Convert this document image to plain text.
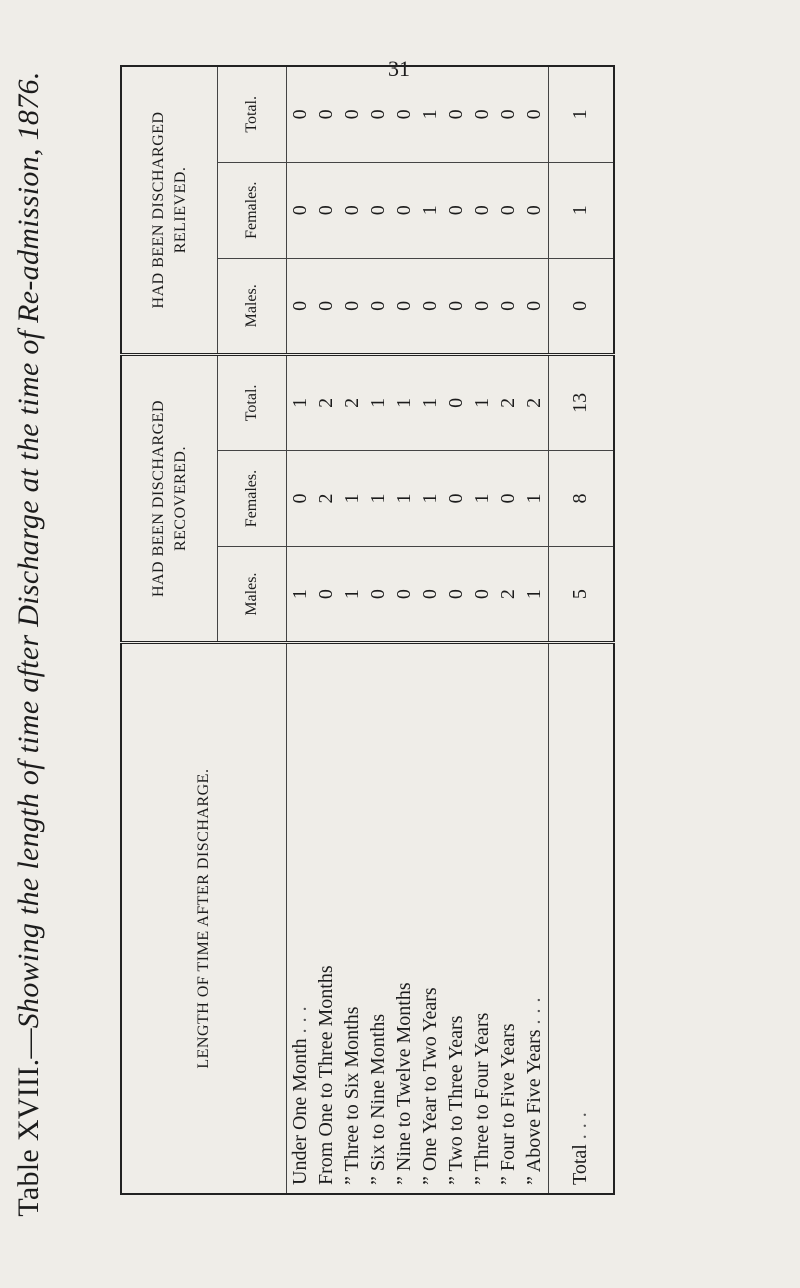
31
Table XVIII.—Showing the length of time after Discharge at the time of Re-admission, 1876.	LENGTH OF TIME AFTER DISCHARGE.	HAD BEEN DISCHARGED RECOVERED.			HAD BEEN DISCHARGED RELIEVED.		
	Males.	Females.	Total.	Males.	Females.	Total.
Under One Month ...	1	0	1	0	0	0
From One to Three Months	0	2	2	0	0	0
” Three to Six Months	1	1	2	0	0	0
” Six to Nine Months	0	1	1	0	0	0
” Nine to Twelve Months	0	1	1	0	0	0
” One Year to Two Years	0	1	1	0	1	1
” Two to Three Years	0	0	0	0	0	0
” Three to Four Years	0	1	1	0	0	0
” Four to Five Years	2	0	2	0	0	0
” Above Five Years ...	1	1	2	0	0	0
Total ...	5	8	13	0	1	1
